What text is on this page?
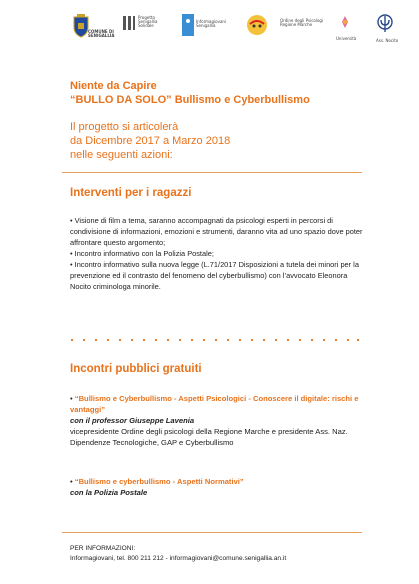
COMUNE DI SENIGALLIA
Progetto Senigallia Solidale
Informagiovani Senigallia
Ordine degli Psicologi Regione Marche
Università	Ass. Nocito
Niente da Capire
“BULLO DA SOLO” Bullismo e Cyberbullismo
Il progetto si articolerà
da Dicembre 2017 a Marzo 2018
nelle seguenti azioni:
Interventi per i ragazzi

• Visione di film a tema, saranno accompagnati da psicologi esperti in percorsi di condivisione di informazioni, emozioni e strumenti, daranno vita ad uno spazio dove poter affrontare questo argomento;

• Incontro informativo con la Polizia Postale;

• Incontro informativo sulla nuova legge (L.71/2017 Disposizioni a tutela dei minori per la prevenzione ed il contrasto del fenomeno del cyberbullismo) con l’avvocato Eleonora Nocito criminologa minorile.

Incontri pubblici gratuiti
• “Bullismo e Cyberbullismo - Aspetti Psicologici - Conoscere il digitale: rischi e vantaggi”
con il professor Giuseppe Lavenia
vicepresidente Ordine degli psicologi della Regione Marche e presidente Ass. Naz. Dipendenze Tecnologiche, GAP e Cyberbullismo
• “Bullismo e cyberbullismo - Aspetti Normativi”
con la Polizia Postale
PER INFORMAZIONI:
Informagiovani, tel. 800 211 212 - informagiovani@comune.senigallia.an.it
